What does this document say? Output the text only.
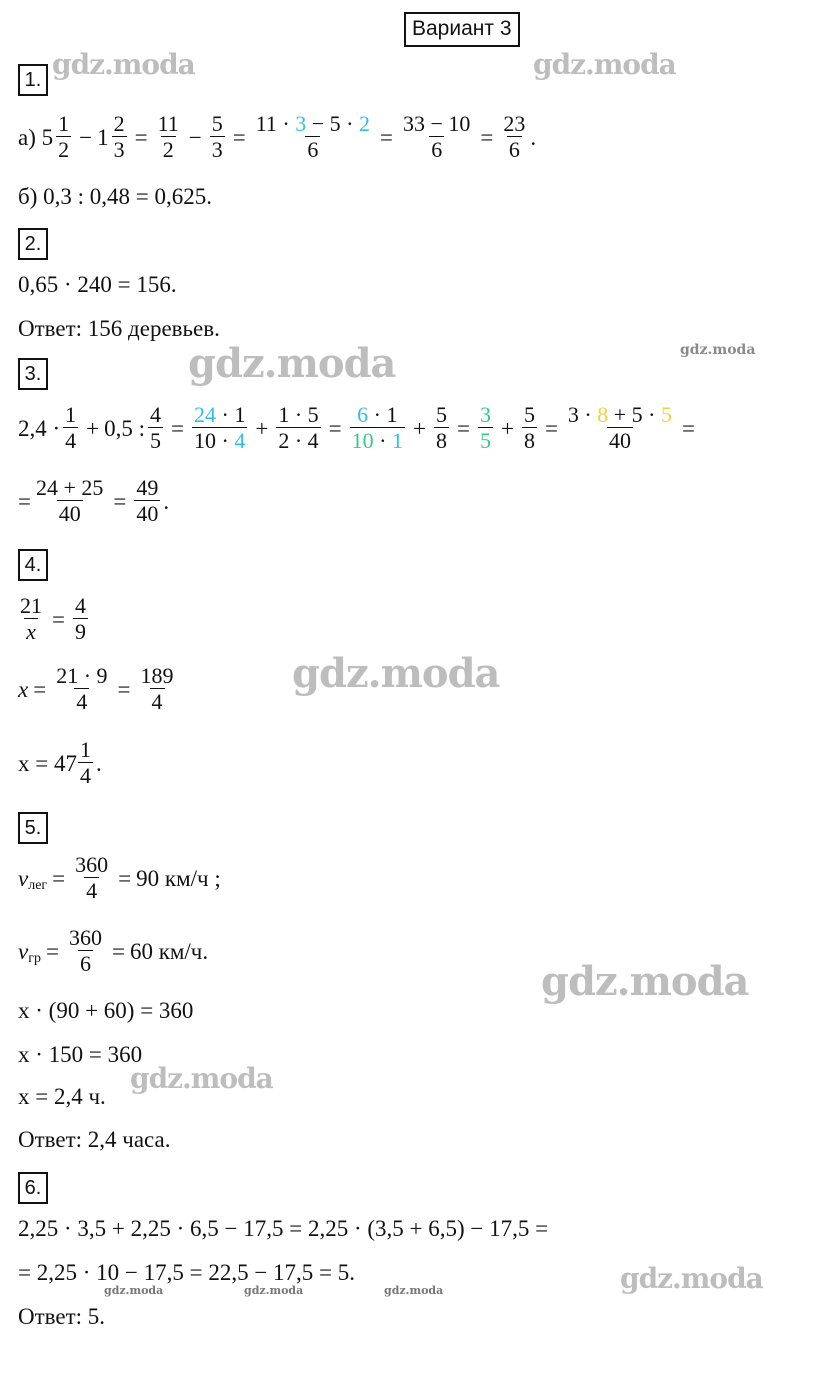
Вариант 3
gdz.moda	gdz.moda
gdz.moda	gdz.moda
gdz.moda
gdz.moda
gdz.moda
gdz.moda
gdz.moda	gdz.moda	gdz.moda
1.
а) $5 \frac{1}{2} - 1 \frac{2}{3} = \frac{11}{2} - \frac{5}{3} = \frac{11 \cdot 3 - 5 \cdot 2}{6} = \frac{33 - 10}{6} = \frac{23}{6}$ .
б) 0,3 : 0,48 = 0,625.
2.
0,65 · 240 = 156.
Ответ: 156 деревьев.
3.
$2,4 \cdot \frac{1}{4} + 0,5$ : $\frac{4}{5} = \frac{24 \cdot 1}{10 \cdot 4} + \frac{1 \cdot 5}{2 \cdot 4} = \frac{6 \cdot 1}{10 \cdot 1} + \frac{5}{8} = \frac{3}{5} + \frac{5}{8} = \frac{3 \cdot 8 + 5 \cdot 5}{40}$ =
= $\frac{24 + 25}{40} = \frac{49}{40}$ .
4.
$\frac{21}{x} = \frac{4}{9}$
$x = \frac{21 \cdot 9}{4} = \frac{189}{4}$
$x = 47 \frac{1}{4}$ .
5.
v лег = $\frac{360}{4} = 90$ км/ч ;
v гр = $\frac{360}{6} = 60$ км/ч.
x · (90 + 60) = 360
x · 150 = 360
x = 2,4 ч.
Ответ: 2,4 часа.
6.
2,25 · 3,5 + 2,25 · 6,5 − 17,5 = 2,25 · (3,5 + 6,5) − 17,5 =
= 2,25 · 10 − 17,5 = 22,5 − 17,5 = 5.
Ответ: 5.
